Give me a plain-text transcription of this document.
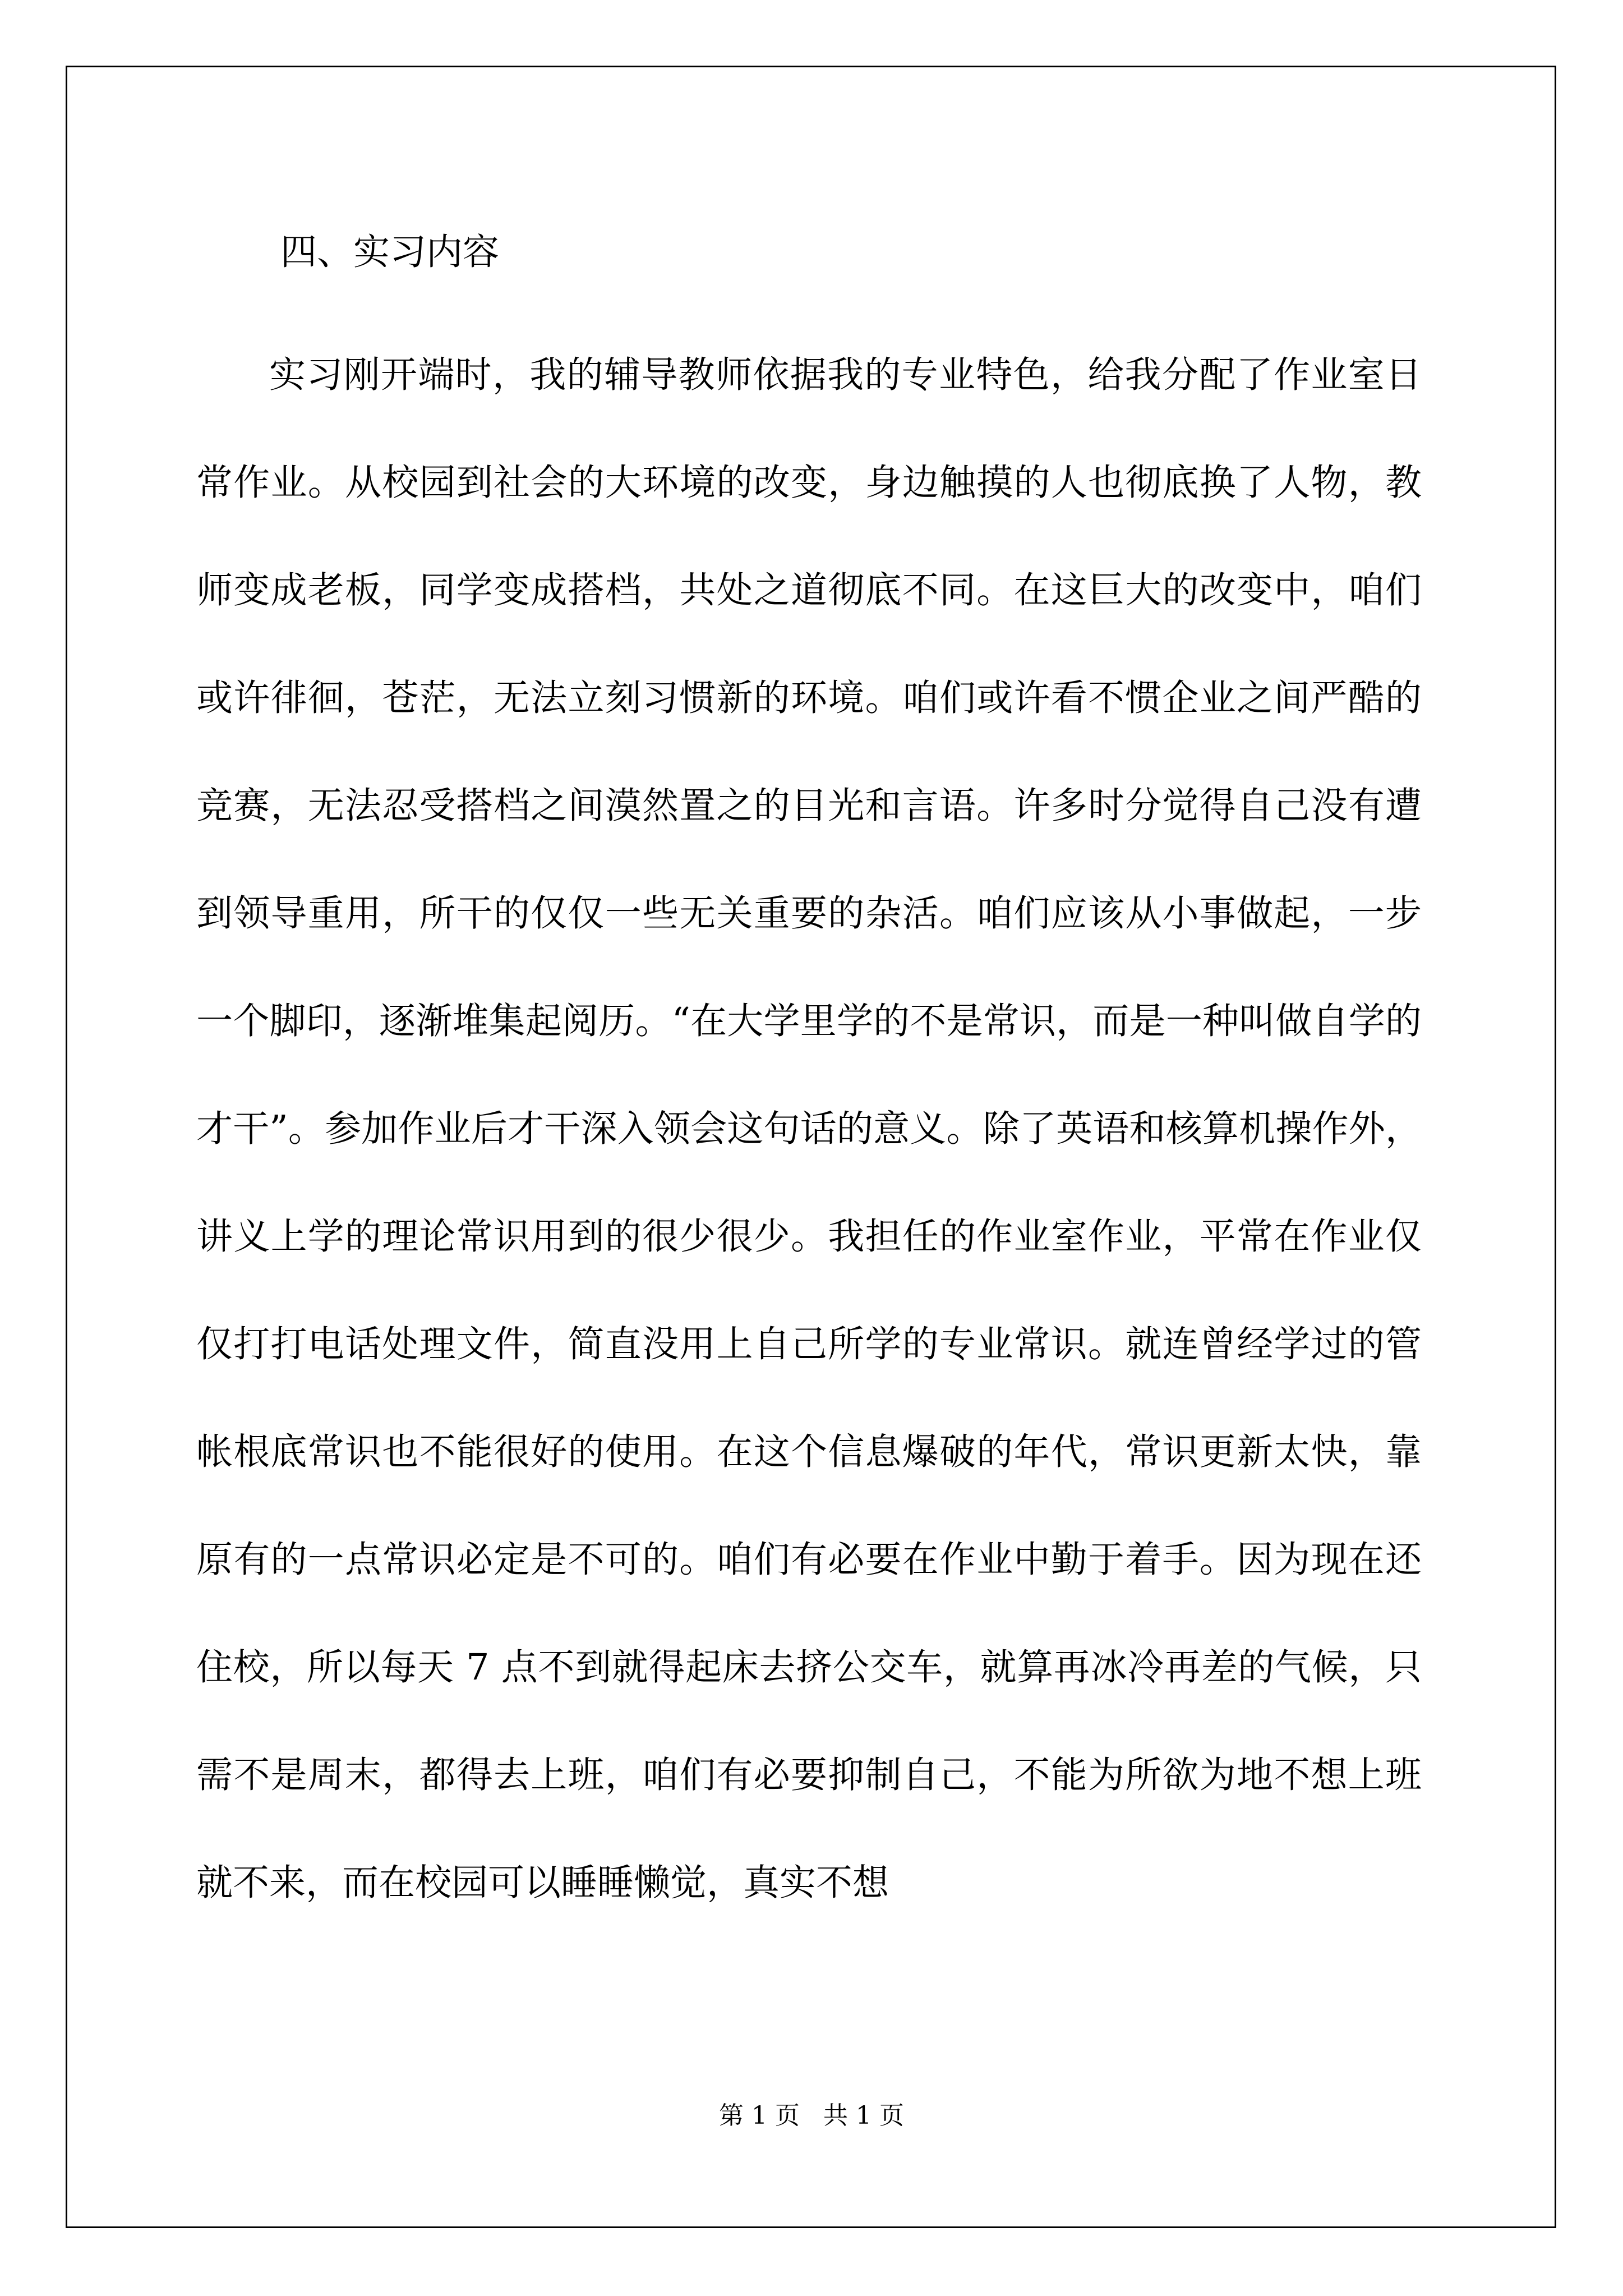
四、实习内容

实习刚开端时，我的辅导教师依据我的专业特色，给我分配了作业室日常作业。从校园到社会的大环境的改变，身边触摸的人也彻底换了人物，教师变成老板，同学变成搭档，共处之道彻底不同。在这巨大的改变中，咱们或许徘徊，苍茫，无法立刻习惯新的环境。咱们或许看不惯企业之间严酷的竞赛，无法忍受搭档之间漠然置之的目光和言语。许多时分觉得自己没有遭到领导重用，所干的仅仅一些无关重要的杂活。咱们应该从小事做起，一步一个脚印，逐渐堆集起阅历。“在大学里学的不是常识，而是一种叫做自学的才干”。参加作业后才干深入领会这句话的意义。除了英语和核算机操作外，讲义上学的理论常识用到的很少很少。我担任的作业室作业，平常在作业仅仅打打电话处理文件，简直没用上自己所学的专业常识。就连曾经学过的管帐根底常识也不能很好的使用。在这个信息爆破的年代，常识更新太快，靠原有的一点常识必定是不可的。咱们有必要在作业中勤于着手。因为现在还住校，所以每天 7 点不到就得起床去挤公交车，就算再冰冷再差的气候，只需不是周末，都得去上班，咱们有必要抑制自己，不能为所欲为地不想上班就不来，而在校园可以睡睡懒觉，真实不想

第 1 页   共 1 页
